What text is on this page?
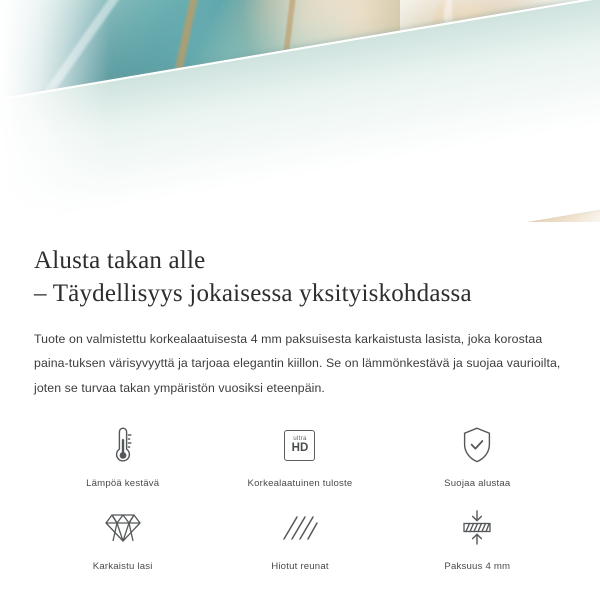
Alusta takan alle
– Täydellisyys jokaisessa yksityiskohdassa

Tuote on valmistettu korkealaatuisesta 4 mm paksuisesta karkaistusta lasista, joka korostaa paina-tuksen värisyvyyttä ja tarjoaa elegantin kiillon. Se on lämmönkestävä ja suojaa vaurioilta, joten se turvaa takan ympäristön vuosiksi eteenpäin.

Lämpöä kestävä
ultra
HD
Korkealaatuinen tuloste	Suojaa alustaa
Karkaistu lasi	Hiotut reunat	Paksuus 4 mm
